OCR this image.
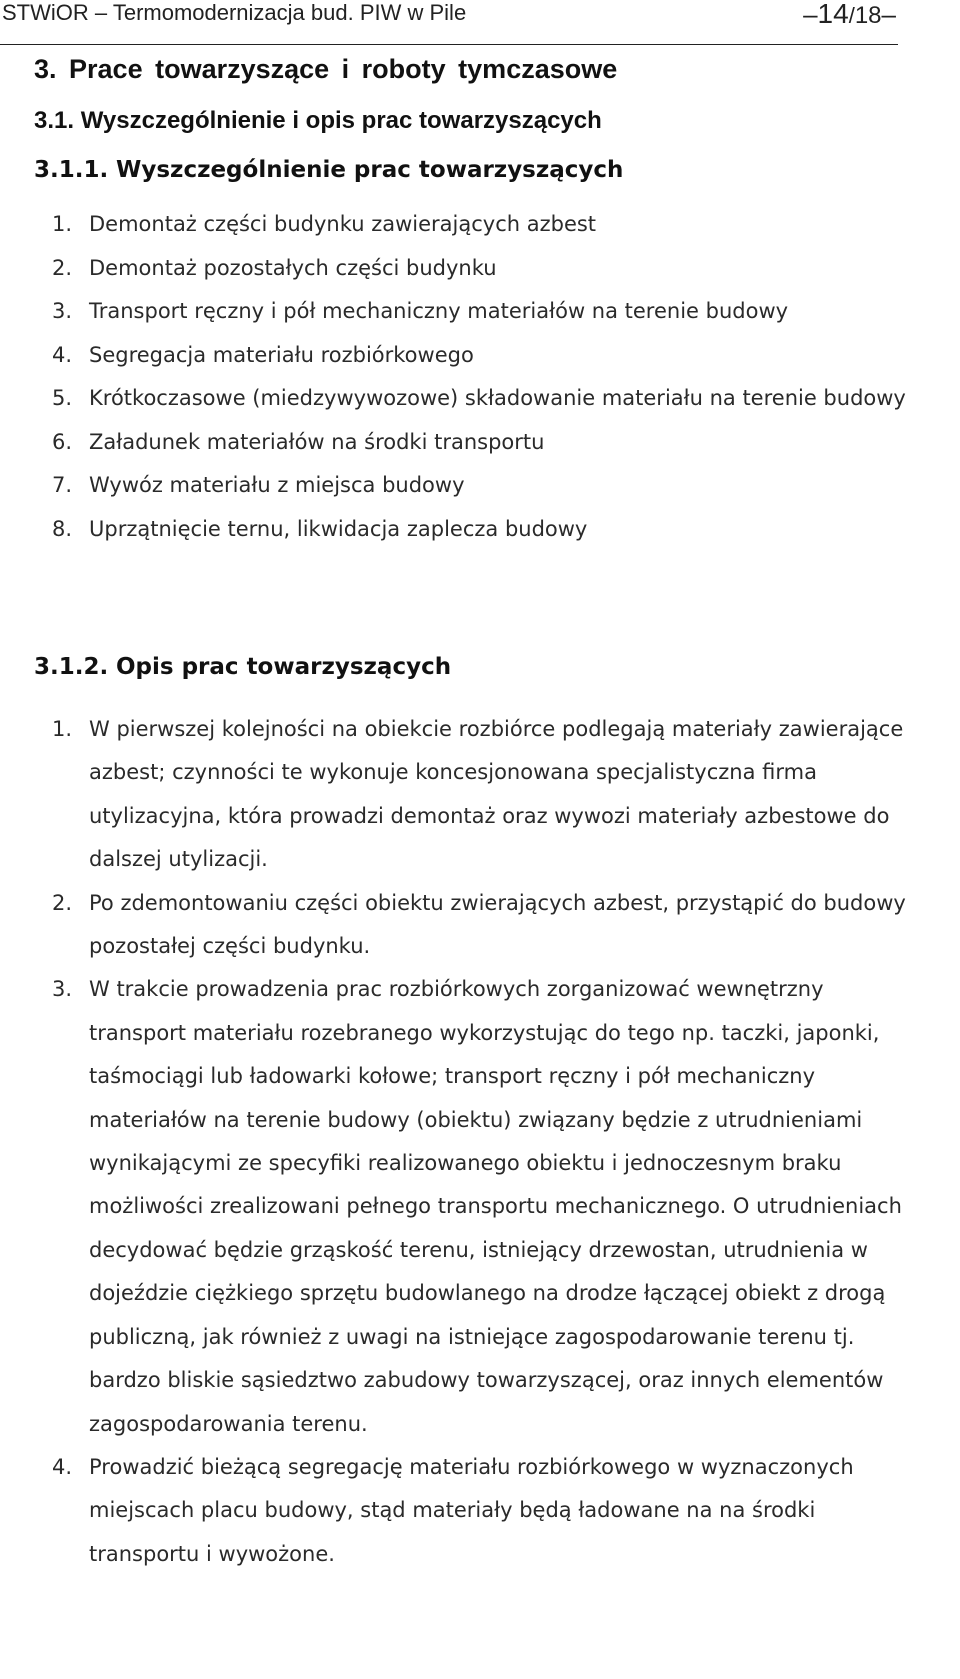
STWiOR – Termomodernizacja bud. PIW w Pile	–14/18–
3. Prace towarzyszące i roboty tymczasowe
3.1. Wyszczególnienie i opis prac towarzyszących
3.1.1. Wyszczególnienie prac towarzyszących
1. Demontaż części budynku zawierających azbest
2. Demontaż pozostałych części budynku
3. Transport ręczny i pół mechaniczny materiałów na terenie budowy
4. Segregacja materiału rozbiórkowego
5. Krótkoczasowe (miedzywywozowe) składowanie materiału na terenie budowy
6. Załadunek materiałów na środki transportu
7. Wywóz materiału z miejsca budowy
8. Uprzątnięcie ternu, likwidacja zaplecza budowy
3.1.2. Opis prac towarzyszących
1. W pierwszej kolejności na obiekcie rozbiórce podlegają materiały zawierające azbest; czynności te wykonuje koncesjonowana specjalistyczna firma utylizacyjna, która prowadzi demontaż oraz wywozi materiały azbestowe do dalszej utylizacji.
2. Po zdemontowaniu części obiektu zwierających azbest, przystąpić do budowy pozostałej części budynku.
3. W trakcie prowadzenia prac rozbiórkowych zorganizować wewnętrzny transport materiału rozebranego wykorzystując do tego np. taczki, japonki, taśmociągi lub ładowarki kołowe; transport ręczny i pół mechaniczny materiałów na terenie budowy (obiektu) związany będzie z utrudnieniami wynikającymi ze specyfiki realizowanego obiektu i jednoczesnym braku możliwości zrealizowani pełnego transportu mechanicznego. O utrudnieniach decydować będzie grząskość terenu, istniejący drzewostan, utrudnienia w dojeździe ciężkiego sprzętu budowlanego na drodze łączącej obiekt z drogą publiczną, jak również z uwagi na istniejące zagospodarowanie terenu tj. bardzo bliskie sąsiedztwo zabudowy towarzyszącej, oraz innych elementów zagospodarowania terenu.
4. Prowadzić bieżącą segregację materiału rozbiórkowego w wyznaczonych miejscach placu budowy, stąd materiały będą ładowane na na środki transportu i wywożone.
